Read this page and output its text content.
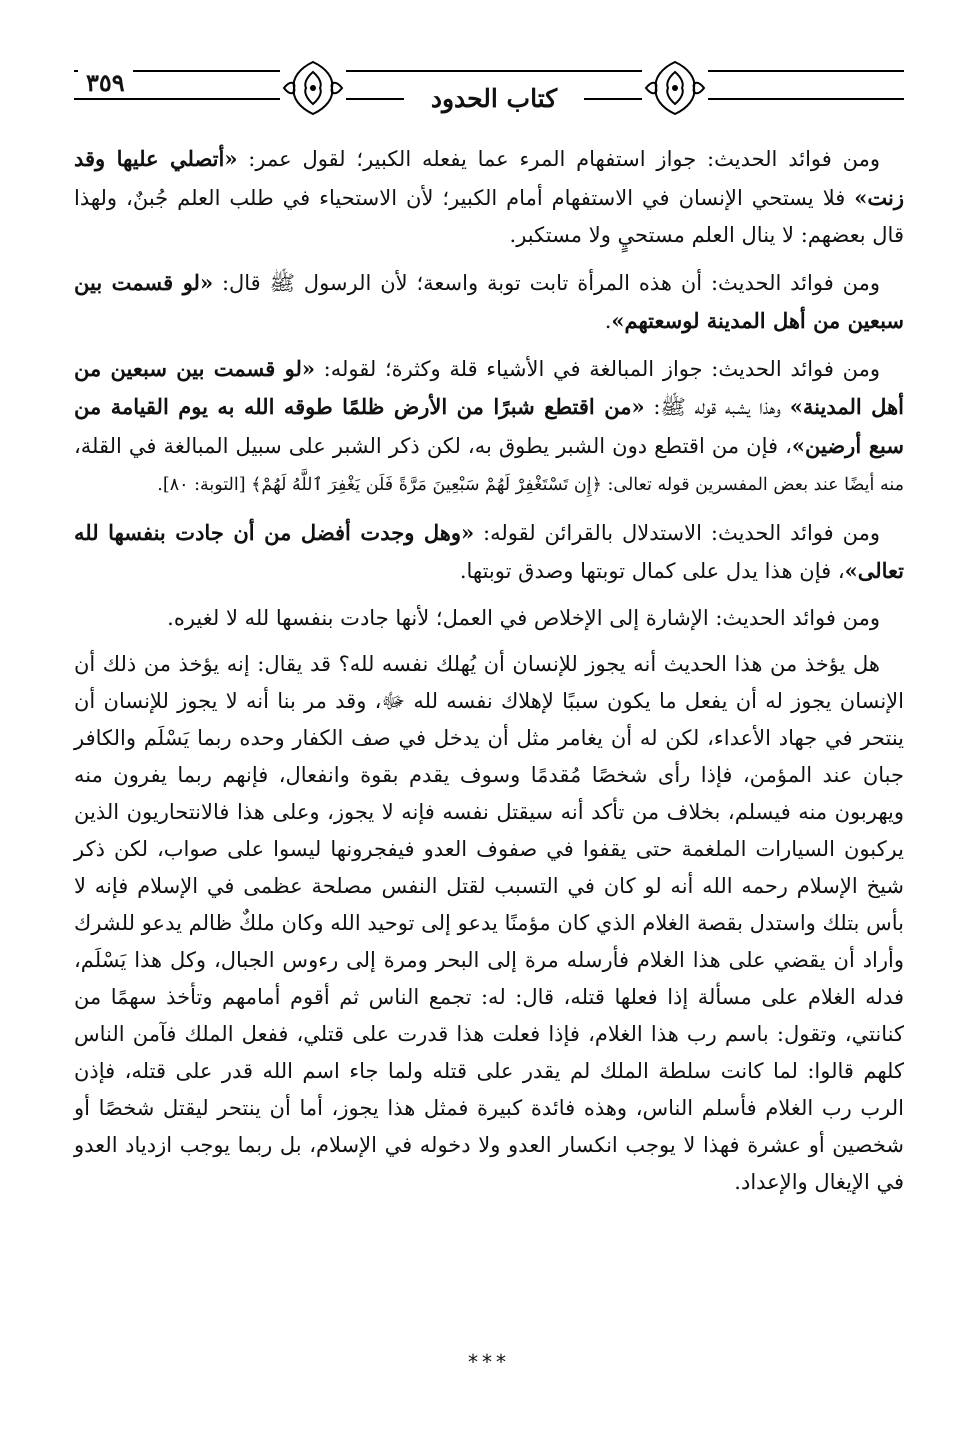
٣٥٩
كتاب الحدود

ومن فوائد الحديث: جواز استفهام المرء عما يفعله الكبير؛ لقول عمر: «أتصلي عليها وقد زنت» فلا يستحي الإنسان في الاستفهام أمام الكبير؛ لأن الاستحياء في طلب العلم جُبنٌ، ولهذا قال بعضهم: لا ينال العلم مستحيٍ ولا مستكبر.

ومن فوائد الحديث: أن هذه المرأة تابت توبة واسعة؛ لأن الرسول ﷺ قال: «لو قسمت بين سبعين من أهل المدينة لوسعتهم».

ومن فوائد الحديث: جواز المبالغة في الأشياء قلة وكثرة؛ لقوله: «لو قسمت بين سبعين من أهل المدينة» وهذا يشبه قوله ﷺ: «من اقتطع شبرًا من الأرض ظلمًا طوقه الله به يوم القيامة من سبع أرضين»، فإن من اقتطع دون الشبر يطوق به، لكن ذكر الشبر على سبيل المبالغة في القلة، منه أيضًا عند بعض المفسرين قوله تعالى: ﴿إِن تَسْتَغْفِرْ لَهُمْ سَبْعِينَ مَرَّةً فَلَن يَغْفِرَ ٱللَّهُ لَهُمْ﴾ [التوبة: ٨٠].

ومن فوائد الحديث: الاستدلال بالقرائن لقوله: «وهل وجدت أفضل من أن جادت بنفسها لله تعالى»، فإن هذا يدل على كمال توبتها وصدق توبتها.

ومن فوائد الحديث: الإشارة إلى الإخلاص في العمل؛ لأنها جادت بنفسها لله لا لغيره.

هل يؤخذ من هذا الحديث أنه يجوز للإنسان أن يُهلك نفسه لله؟ قد يقال: إنه يؤخذ من ذلك أن الإنسان يجوز له أن يفعل ما يكون سببًا لإهلاك نفسه لله ﷻ، وقد مر بنا أنه لا يجوز للإنسان أن ينتحر في جهاد الأعداء، لكن له أن يغامر مثل أن يدخل في صف الكفار وحده ربما يَسْلَم والكافر جبان عند المؤمن، فإذا رأى شخصًا مُقدمًا وسوف يقدم بقوة وانفعال، فإنهم ربما يفرون منه ويهربون منه فيسلم، بخلاف من تأكد أنه سيقتل نفسه فإنه لا يجوز، وعلى هذا فالانتحاريون الذين يركبون السيارات الملغمة حتى يقفوا في صفوف العدو فيفجرونها ليسوا على صواب، لكن ذكر شيخ الإسلام رحمه الله أنه لو كان في التسبب لقتل النفس مصلحة عظمى في الإسلام فإنه لا بأس بتلك واستدل بقصة الغلام الذي كان مؤمنًا يدعو إلى توحيد الله وكان ملكٌ ظالم يدعو للشرك وأراد أن يقضي على هذا الغلام فأرسله مرة إلى البحر ومرة إلى رءوس الجبال، وكل هذا يَسْلَم، فدله الغلام على مسألة إذا فعلها قتله، قال: له: تجمع الناس ثم أقوم أمامهم وتأخذ سهمًا من كنانتي، وتقول: باسم رب هذا الغلام، فإذا فعلت هذا قدرت على قتلي، ففعل الملك فآمن الناس كلهم قالوا: لما كانت سلطة الملك لم يقدر على قتله ولما جاء اسم الله قدر على قتله، فإذن الرب رب الغلام فأسلم الناس، وهذه فائدة كبيرة فمثل هذا يجوز، أما أن ينتحر ليقتل شخصًا أو شخصين أو عشرة فهذا لا يوجب انكسار العدو ولا دخوله في الإسلام، بل ربما يوجب ازدياد العدو في الإيغال والإعداد.

***
